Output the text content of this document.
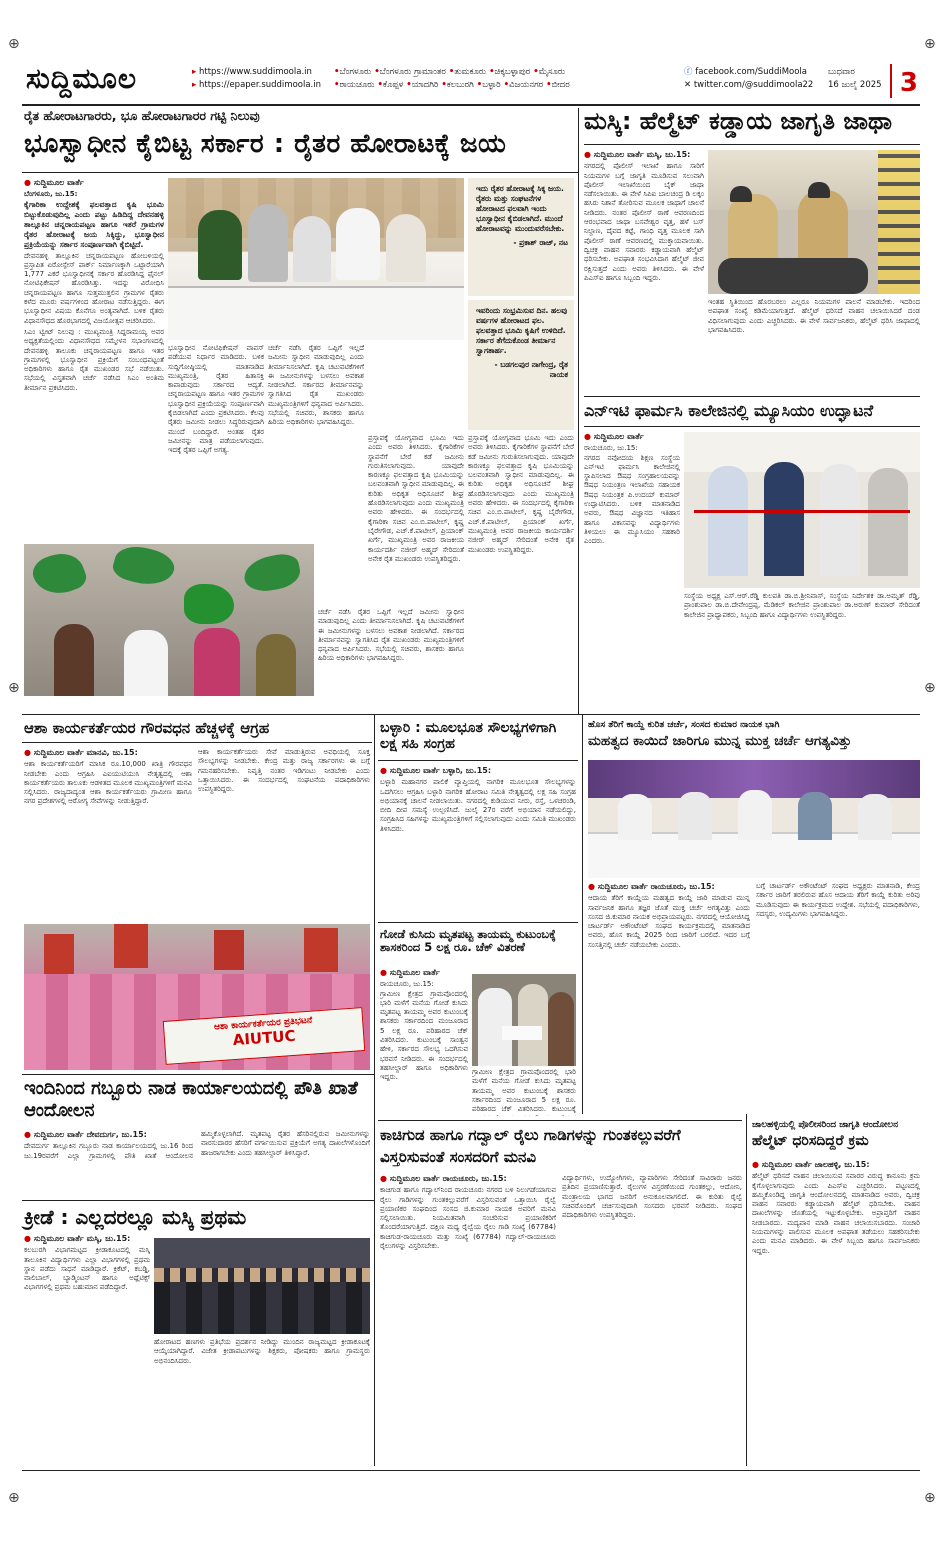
⊕	⊕
⊕	⊕
⊕	⊕
ಸುದ್ದಿಮೂಲ	▸ https://www.suddimoola.in
▸ https://epaper.suddimoola.in
•ಬೆಂಗಳೂರು •ಬೆಂಗಳೂರು ಗ್ರಾಮಾಂತರ •ತುಮಕೂರು •ಚಿಕ್ಕಬಳ್ಳಾಪುರ •ಮೈಸೂರು
•ರಾಯಚೂರು •ಕೊಪ್ಪಳ •ಯಾದಗಿರಿ •ಕಲಬುರಗಿ •ಬಳ್ಳಾರಿ •ವಿಜಯನಗರ •ಬೀದರ
ⓕ facebook.com/SuddiMoola
✕ twitter.com/@suddimoola22
ಬುಧವಾರ
16 ಜುಲೈ 2025 3
ರೈತ ಹೋರಾಟಗಾರರು, ಭೂ ಹೋರಾಟಗಾರರ ಗಟ್ಟಿ ನಿಲುವು
ಭೂಸ್ವಾಧೀನ ಕೈಬಿಟ್ಟ ಸರ್ಕಾರ : ರೈತರ ಹೋರಾಟಕ್ಕೆ ಜಯ
● ಸುದ್ದಿಮೂಲ ವಾರ್ತೆ
ಬೆಂಗಳೂರು, ಜು.15:

ಕೈಗಾರಿಕಾ ಉದ್ದೇಶಕ್ಕೆ ಫಲವತ್ತಾದ ಕೃಷಿ ಭೂಮಿ ಬಿಟ್ಟುಕೊಡುವುದಿಲ್ಲ ಎಂದು ಪಟ್ಟು ಹಿಡಿದಿದ್ದ ದೇವನಹಳ್ಳಿ ತಾಲ್ಲೂಕಿನ ಚನ್ನರಾಯಪಟ್ಟಣ ಹಾಗೂ ಇತರೆ ಗ್ರಾಮಗಳ ರೈತರ ಹೋರಾಟಕ್ಕೆ ಜಯ ಸಿಕ್ಕಿದ್ದು, ಭೂಸ್ವಾಧೀನ ಪ್ರಕ್ರಿಯೆಯನ್ನು ಸರ್ಕಾರ ಸಂಪೂರ್ಣವಾಗಿ ಕೈಬಿಟ್ಟಿದೆ.

ದೇವನಹಳ್ಳಿ ತಾಲ್ಲೂಕಿನ ಚನ್ನರಾಯಪಟ್ಟಣ ಹೋಬಳಿಯಲ್ಲಿ ಪ್ರಸ್ತಾಪಿತ ಏರೋಸ್ಪೇಸ್ ಪಾರ್ಕ್ ನಿರ್ಮಾಣಕ್ಕಾಗಿ ಒಟ್ಟಾರೆಯಾಗಿ 1,777 ಎಕರೆ ಭೂಸ್ವಾಧೀನಕ್ಕೆ ಸರ್ಕಾರ ಹೊರಡಿಸಿದ್ದ ಫೈನಲ್ ನೋಟಿಫಿಕೇಷನ್ ಹೊರಡಿಸಿತ್ತು. ಇದನ್ನು ವಿರೋಧಿಸಿ ಚನ್ನರಾಯಪಟ್ಟಣ ಹಾಗೂ ಸುತ್ತಮುತ್ತಲಿನ ಗ್ರಾಮಗಳ ರೈತರು ಕಳೆದ ಮೂರು ವರ್ಷಗಳಿಂದ ಹೋರಾಟ ನಡೆಸುತ್ತಿದ್ದರು. ಈಗ ಭೂಸ್ವಾಧೀನ ವಿಷಯ ಕೊನೆಗೂ ಅಂತ್ಯವಾಗಿದೆ. ಬಳಿಕ ರೈತರು ವಿಧಾನಸೌಧದ ಹೊರಭಾಗದಲ್ಲಿ ವಿಜಯೋತ್ಸವ ಆಚರಿಸಿದರು.

ಸಿಎಂ ಟ್ವೀಟ್ ನಿಲುವು : ಮುಖ್ಯಮಂತ್ರಿ ಸಿದ್ದರಾಮಯ್ಯ ಅವರ ಅಧ್ಯಕ್ಷತೆಯಲ್ಲಿಂದು ವಿಧಾನಸೌಧದ ಸಮ್ಮೇಳನ ಸಭಾಂಗಣದಲ್ಲಿ ದೇವನಹಳ್ಳಿ ತಾಲೂಕು ಚನ್ನರಾಯಪಟ್ಟಣ ಹಾಗೂ ಇತರ ಗ್ರಾಮಗಳಲ್ಲಿ ಭೂಸ್ವಾಧೀನ ಪ್ರಕ್ರಿಯೆಗೆ ಸಂಬಂಧಪಟ್ಟಂತೆ ಅಧಿಕಾರಿಗಳು ಹಾಗೂ ರೈತ ಮುಖಂಡರ ಸಭೆ ನಡೆಯಿತು. ಸಭೆಯಲ್ಲಿ ವಿಸ್ತೃತವಾಗಿ ಚರ್ಚೆ ನಡೆಸಿದ ಸಿಎಂ ಅಂತಿಮ ತೀರ್ಮಾನ ಪ್ರಕಟಿಸಿದರು.

ಇದು ರೈತರ ಹೋರಾಟಕ್ಕೆ ಸಿಕ್ಕ ಜಯ. ರೈತರು ಮತ್ತು ಸಂಘಟನೆಗಳ ಹೋರಾಟದ ಫಲವಾಗಿ ಇಂದು ಭೂಸ್ವಾಧೀನ ಕೈಬಿಡಲಾಗಿದೆ. ಮುಂದೆ ಹೋರಾಟವನ್ನು ಮುಂದುವರೆಸಬೇಕು.
- ಪ್ರಕಾಶ್ ರಾಜ್, ನಟ
ಇವರಿಂದು ಸಂಭ್ರಮಿಸುವ ದಿನ. ಹಲವು ವರ್ಷಗಳ ಹೋರಾಟದ ಫಲ. ಫಲವತ್ತಾದ ಭೂಮಿ ಕೃಷಿಗೆ ಉಳಿದಿದೆ. ಸರ್ಕಾರ ತೆಗೆದುಕೊಂಡ ತೀರ್ಮಾನ ಸ್ವಾಗತಾರ್ಹ.
- ಬಡಗಲಪುರ ನಾಗೇಂದ್ರ, ರೈತ ನಾಯಕ

ಭೂಸ್ವಾಧೀನ ನೋಟಿಫಿಕೇಷನ್ ವಾಪಸ್ ಪಡೆಯುವ ನಿರ್ಧಾರ ಮಾಡಿದರು. ಬಳಿಕ ಸುದ್ದಿಗೋಷ್ಠಿಯಲ್ಲಿ ಮಾತನಾಡಿದ ಮುಖ್ಯಮಂತ್ರಿ, ರೈತರ ಹಿತಾಸಕ್ತಿ ಕಾಪಾಡುವುದು ಸರ್ಕಾರದ ಆದ್ಯತೆ. ಚನ್ನರಾಯಪಟ್ಟಣ ಹಾಗೂ ಇತರ ಗ್ರಾಮಗಳ ಭೂಸ್ವಾಧೀನ ಪ್ರಕ್ರಿಯೆಯನ್ನು ಸಂಪೂರ್ಣವಾಗಿ ಕೈಬಿಡಲಾಗಿದೆ ಎಂದು ಪ್ರಕಟಿಸಿದರು. ಕೆಲವು ರೈತರು ಜಮೀನು ನೀಡಲು ಸಿದ್ಧರಿರುವುದಾಗಿ ಮುಂದೆ ಬಂದಿದ್ದಾರೆ. ಅಂತಹ ರೈತರ ಜಮೀನನ್ನು ಮಾತ್ರ ಪಡೆಯಲಾಗುವುದು. ಇದಕ್ಕೆ ರೈತರ ಒಪ್ಪಿಗೆ ಅಗತ್ಯ.

ಚರ್ಚೆ ನಡೆಸಿ ರೈತರ ಒಪ್ಪಿಗೆ ಇಲ್ಲದೆ ಜಮೀನು ಸ್ವಾಧೀನ ಮಾಡುವುದಿಲ್ಲ ಎಂದು ತೀರ್ಮಾನಿಸಲಾಗಿದೆ. ಕೃಷಿ ಚಟುವಟಿಕೆಗಳಿಗೆ ಈ ಜಮೀನುಗಳನ್ನು ಬಳಸಲು ಅವಕಾಶ ನೀಡಲಾಗಿದೆ. ಸರ್ಕಾರದ ತೀರ್ಮಾನವನ್ನು ಸ್ವಾಗತಿಸಿದ ರೈತ ಮುಖಂಡರು ಮುಖ್ಯಮಂತ್ರಿಗಳಿಗೆ ಧನ್ಯವಾದ ಅರ್ಪಿಸಿದರು. ಸಭೆಯಲ್ಲಿ ಸಚಿವರು, ಶಾಸಕರು ಹಾಗೂ ಹಿರಿಯ ಅಧಿಕಾರಿಗಳು ಭಾಗವಹಿಸಿದ್ದರು.

ಪ್ರಸ್ತಾಪಕ್ಕೆ ಯೋಗ್ಯವಾದ ಭೂಮಿ ಇದು ಎಂದು ಅವರು ತಿಳಿಸಿದರು. ಕೈಗಾರಿಕೆಗಳ ಸ್ಥಾಪನೆಗೆ ಬೇರೆ ಕಡೆ ಜಮೀನು ಗುರುತಿಸಲಾಗುವುದು. ಯಾವುದೇ ಕಾರಣಕ್ಕೂ ಫಲವತ್ತಾದ ಕೃಷಿ ಭೂಮಿಯನ್ನು ಬಲವಂತವಾಗಿ ಸ್ವಾಧೀನ ಮಾಡುವುದಿಲ್ಲ. ಈ ಕುರಿತು ಅಧಿಕೃತ ಅಧಿಸೂಚನೆ ಶೀಘ್ರ ಹೊರಡಿಸಲಾಗುವುದು ಎಂದು ಮುಖ್ಯಮಂತ್ರಿ ಅವರು ಹೇಳಿದರು. ಈ ಸಂದರ್ಭದಲ್ಲಿ ಕೈಗಾರಿಕಾ ಸಚಿವ ಎಂ.ಬಿ.ಪಾಟೀಲ್, ಕೃಷ್ಣ ಬೈರೇಗೌಡ, ಎಚ್.ಕೆ.ಪಾಟೀಲ್, ಪ್ರಿಯಾಂಕ್ ಖರ್ಗೆ, ಮುಖ್ಯಮಂತ್ರಿ ಅವರ ರಾಜಕೀಯ ಕಾರ್ಯದರ್ಶಿ ನಜೀರ್ ಅಹ್ಮದ್ ಸೇರಿದಂತೆ ಅನೇಕ ರೈತ ಮುಖಂಡರು ಉಪಸ್ಥಿತರಿದ್ದರು.

ಪ್ರಸ್ತಾಪಕ್ಕೆ ಯೋಗ್ಯವಾದ ಭೂಮಿ ಇದು ಎಂದು ಅವರು ತಿಳಿಸಿದರು. ಕೈಗಾರಿಕೆಗಳ ಸ್ಥಾಪನೆಗೆ ಬೇರೆ ಕಡೆ ಜಮೀನು ಗುರುತಿಸಲಾಗುವುದು. ಯಾವುದೇ ಕಾರಣಕ್ಕೂ ಫಲವತ್ತಾದ ಕೃಷಿ ಭೂಮಿಯನ್ನು ಬಲವಂತವಾಗಿ ಸ್ವಾಧೀನ ಮಾಡುವುದಿಲ್ಲ. ಈ ಕುರಿತು ಅಧಿಕೃತ ಅಧಿಸೂಚನೆ ಶೀಘ್ರ ಹೊರಡಿಸಲಾಗುವುದು ಎಂದು ಮುಖ್ಯಮಂತ್ರಿ ಅವರು ಹೇಳಿದರು. ಈ ಸಂದರ್ಭದಲ್ಲಿ ಕೈಗಾರಿಕಾ ಸಚಿವ ಎಂ.ಬಿ.ಪಾಟೀಲ್, ಕೃಷ್ಣ ಬೈರೇಗೌಡ, ಎಚ್.ಕೆ.ಪಾಟೀಲ್, ಪ್ರಿಯಾಂಕ್ ಖರ್ಗೆ, ಮುಖ್ಯಮಂತ್ರಿ ಅವರ ರಾಜಕೀಯ ಕಾರ್ಯದರ್ಶಿ ನಜೀರ್ ಅಹ್ಮದ್ ಸೇರಿದಂತೆ ಅನೇಕ ರೈತ ಮುಖಂಡರು ಉಪಸ್ಥಿತರಿದ್ದರು.

ಚರ್ಚೆ ನಡೆಸಿ ರೈತರ ಒಪ್ಪಿಗೆ ಇಲ್ಲದೆ ಜಮೀನು ಸ್ವಾಧೀನ ಮಾಡುವುದಿಲ್ಲ ಎಂದು ತೀರ್ಮಾನಿಸಲಾಗಿದೆ. ಕೃಷಿ ಚಟುವಟಿಕೆಗಳಿಗೆ ಈ ಜಮೀನುಗಳನ್ನು ಬಳಸಲು ಅವಕಾಶ ನೀಡಲಾಗಿದೆ. ಸರ್ಕಾರದ ತೀರ್ಮಾನವನ್ನು ಸ್ವಾಗತಿಸಿದ ರೈತ ಮುಖಂಡರು ಮುಖ್ಯಮಂತ್ರಿಗಳಿಗೆ ಧನ್ಯವಾದ ಅರ್ಪಿಸಿದರು. ಸಭೆಯಲ್ಲಿ ಸಚಿವರು, ಶಾಸಕರು ಹಾಗೂ ಹಿರಿಯ ಅಧಿಕಾರಿಗಳು ಭಾಗವಹಿಸಿದ್ದರು.

ಮಸ್ಕಿ: ಹೆಲ್ಮೆಟ್ ಕಡ್ಡಾಯ ಜಾಗೃತಿ ಜಾಥಾ
● ಸುದ್ದಿಮೂಲ ವಾರ್ತೆ ಮಸ್ಕಿ, ಜು.15:

ನಗರದಲ್ಲಿ ಪೊಲೀಸ್ ಇಲಾಖೆ ಹಾಗೂ ಸಾರಿಗೆ ನಿಯಮಗಳ ಬಗ್ಗೆ ಜಾಗೃತಿ ಮೂಡಿಸುವ ಸಲುವಾಗಿ ಪೊಲೀಸ್ ಇಲಾಖೆಯಿಂದ ಬೈಕ್ ಜಾಥಾ ನಡೆಸಲಾಯಿತು. ಈ ವೇಳೆ ಸಿಪಿಐ ಬಾಲಚಂದ್ರ ಡಿ ಲಕ್ಕಂ ಹಸಿರು ನಿಶಾನೆ ತೋರಿಸುವ ಮೂಲಕ ಜಾಥಾಗೆ ಚಾಲನೆ ನೀಡಿದರು. ನಂತರ ಪೊಲೀಸ್ ಠಾಣೆ ಆವರಣದಿಂದ ಆರಂಭವಾದ ಜಾಥಾ ಬಸವೇಶ್ವರ ವೃತ್ತ, ಹಳೆ ಬಸ್ ನಿಲ್ದಾಣ, ದೈವದ ಕಟ್ಟೆ, ಗಾಂಧಿ ವೃತ್ತ ಮೂಲಕ ಸಾಗಿ ಪೊಲೀಸ್ ಠಾಣೆ ಆವರಣದಲ್ಲಿ ಮುಕ್ತಾಯವಾಯಿತು. ದ್ವಿಚಕ್ರ ವಾಹನ ಸವಾರರು ಕಡ್ಡಾಯವಾಗಿ ಹೆಲ್ಮೆಟ್ ಧರಿಸಬೇಕು. ಅಪಘಾತ ಸಂಭವಿಸಿದಾಗ ಹೆಲ್ಮೆಟ್ ಜೀವ ರಕ್ಷಿಸುತ್ತದೆ ಎಂದು ಅವರು ತಿಳಿಸಿದರು. ಈ ವೇಳೆ ಪಿಎಸ್ಐ ಹಾಗೂ ಸಿಬ್ಬಂದಿ ಇದ್ದರು.

ಇಂತಹ ಸ್ಥಿತಿಯಿಂದ ಹೊರಬರಲು ಎಲ್ಲರೂ ನಿಯಮಗಳ ಪಾಲನೆ ಮಾಡಬೇಕು. ಇದರಿಂದ ಅಪಘಾತ ಸಂಖ್ಯೆ ಕಡಿಮೆಯಾಗುತ್ತದೆ. ಹೆಲ್ಮೆಟ್ ಧರಿಸದೆ ವಾಹನ ಚಲಾಯಿಸಿದರೆ ದಂಡ ವಿಧಿಸಲಾಗುವುದು ಎಂದು ಎಚ್ಚರಿಸಿದರು. ಈ ವೇಳೆ ಸಾರ್ವಜನಿಕರು, ಹೆಲ್ಮೆಟ್ ಧರಿಸಿ ಜಾಥಾದಲ್ಲಿ ಭಾಗವಹಿಸಿದರು.

ಎನ್ಇಟಿ ಫಾರ್ಮಸಿ ಕಾಲೇಜಿನಲ್ಲಿ ಮ್ಯೂಸಿಯಂ ಉದ್ಘಾಟನೆ
● ಸುದ್ದಿಮೂಲ ವಾರ್ತೆ
ರಾಯಚೂರು, ಜು.15:

ನಗರದ ನವೋದಯ ಶಿಕ್ಷಣ ಸಂಸ್ಥೆಯ ಎನ್ಇಟಿ ಫಾರ್ಮಸಿ ಕಾಲೇಜಿನಲ್ಲಿ ಸ್ಥಾಪಿಸಲಾದ ಔಷಧ ಸಂಗ್ರಹಾಲಯವನ್ನು ಔಷಧ ನಿಯಂತ್ರಣ ಇಲಾಖೆಯ ಸಹಾಯಕ ಔಷಧ ನಿಯಂತ್ರಕ ಪಿ.ಉದಯ್ ಕುಮಾರ್ ಉದ್ಘಾಟಿಸಿದರು. ಬಳಿಕ ಮಾತನಾಡಿದ ಅವರು, ಔಷಧ ವಿಜ್ಞಾನದ ಇತಿಹಾಸ ಹಾಗೂ ವಿಕಾಸವನ್ನು ವಿದ್ಯಾರ್ಥಿಗಳು ತಿಳಿಯಲು ಈ ಮ್ಯೂಸಿಯಂ ಸಹಕಾರಿ ಎಂದರು.

ಸಂಸ್ಥೆಯ ಅಧ್ಯಕ್ಷ ಎಸ್.ಆರ್.ರೆಡ್ಡಿ ಕುಲಪತಿ ಡಾ.ಬಿ.ಶ್ರೀನಿವಾಸ್, ಸಂಸ್ಥೆಯ ನಿರ್ದೇಶಕ ಡಾ.ಅಮೃತ್ ರೆಡ್ಡಿ, ಪ್ರಾಂಶುಪಾಲ ಡಾ.ಬಿ.ದೇವೇಂದ್ರಪ್ಪ, ಮೆಡಿಕಲ್ ಕಾಲೇಜಿನ ಪ್ರಾಂಶುಪಾಲ ಡಾ.ಅರುಣ್ ಕುಮಾರ್ ಸೇರಿದಂತೆ ಕಾಲೇಜಿನ ಪ್ರಾಧ್ಯಾಪಕರು, ಸಿಬ್ಬಂದಿ ಹಾಗೂ ವಿದ್ಯಾರ್ಥಿಗಳು ಉಪಸ್ಥಿತರಿದ್ದರು.

ಆಶಾ ಕಾರ್ಯಕರ್ತೆಯರ ಗೌರವಧನ ಹೆಚ್ಚಳಕ್ಕೆ ಆಗ್ರಹ
● ಸುದ್ದಿಮೂಲ ವಾರ್ತೆ ಮಾನವಿ, ಜು.15:

ಆಶಾ ಕಾರ್ಯಕರ್ತೆಯರಿಗೆ ಮಾಸಿಕ ರೂ.10,000 ಖಾತ್ರಿ ಗೌರವಧನ ನೀಡಬೇಕು ಎಂದು ಆಗ್ರಹಿಸಿ ಎಐಯುಟಿಯುಸಿ ನೇತೃತ್ವದಲ್ಲಿ ಆಶಾ ಕಾರ್ಯಕರ್ತೆಯರು ತಾಲೂಕು ಆಡಳಿತದ ಮೂಲಕ ಮುಖ್ಯಮಂತ್ರಿಗಳಿಗೆ ಮನವಿ ಸಲ್ಲಿಸಿದರು. ರಾಜ್ಯದಾದ್ಯಂತ ಆಶಾ ಕಾರ್ಯಕರ್ತೆಯರು ಗ್ರಾಮೀಣ ಹಾಗೂ ನಗರ ಪ್ರದೇಶಗಳಲ್ಲಿ ಆರೋಗ್ಯ ಸೇವೆಗಳನ್ನು ನೀಡುತ್ತಿದ್ದಾರೆ.

ಆಶಾ ಕಾರ್ಯಕರ್ತೆಯರು ಸೇವೆ ಮಾಡುತ್ತಿರುವ ಅವಧಿಯಲ್ಲಿ ಸೂಕ್ತ ಸೌಲಭ್ಯಗಳನ್ನು ನೀಡಬೇಕು. ಕೇಂದ್ರ ಮತ್ತು ರಾಜ್ಯ ಸರ್ಕಾರಗಳು ಈ ಬಗ್ಗೆ ಗಮನಹರಿಸಬೇಕು. ನಿವೃತ್ತಿ ನಂತರ ಇಡಿಗಂಟು ನೀಡಬೇಕು ಎಂದು ಒತ್ತಾಯಿಸಿದರು. ಈ ಸಂದರ್ಭದಲ್ಲಿ ಸಂಘಟನೆಯ ಪದಾಧಿಕಾರಿಗಳು ಉಪಸ್ಥಿತರಿದ್ದರು.

ಆಶಾ ಕಾರ್ಯಕರ್ತೆಯರ ಪ್ರತಿಭಟನೆ
AIUTUC
ಬಳ್ಳಾರಿ : ಮೂಲಭೂತ ಸೌಲಭ್ಯಗಳಿಗಾಗಿ ಲಕ್ಷ ಸಹಿ ಸಂಗ್ರಹ
● ಸುದ್ದಿಮೂಲ ವಾರ್ತೆ ಬಳ್ಳಾರಿ, ಜು.15:

ಬಳ್ಳಾರಿ ಮಹಾನಗರ ಪಾಲಿಕೆ ವ್ಯಾಪ್ತಿಯಲ್ಲಿ ನಾಗರಿಕ ಮೂಲಭೂತ ಸೌಲಭ್ಯಗಳನ್ನು ಒದಗಿಸಲು ಆಗ್ರಹಿಸಿ ಬಳ್ಳಾರಿ ನಾಗರಿಕ ಹೋರಾಟ ಸಮಿತಿ ನೇತೃತ್ವದಲ್ಲಿ ಲಕ್ಷ ಸಹಿ ಸಂಗ್ರಹ ಅಭಿಯಾನಕ್ಕೆ ಚಾಲನೆ ನೀಡಲಾಯಿತು. ನಗರದಲ್ಲಿ ಕುಡಿಯುವ ನೀರು, ರಸ್ತೆ, ಒಳಚರಂಡಿ, ಬೀದಿ ದೀಪ ಸಮಸ್ಯೆ ಉಲ್ಬಣಿಸಿದೆ. ಜುಲೈ 27ರ ವರೆಗೆ ಅಭಿಯಾನ ನಡೆಯಲಿದ್ದು, ಸಂಗ್ರಹಿಸಿದ ಸಹಿಗಳನ್ನು ಮುಖ್ಯಮಂತ್ರಿಗಳಿಗೆ ಸಲ್ಲಿಸಲಾಗುವುದು ಎಂದು ಸಮಿತಿ ಮುಖಂಡರು ತಿಳಿಸಿದರು.

ಗೋಡೆ ಕುಸಿದು ಮೃತಪಟ್ಟ ತಾಯಮ್ಮ ಕುಟುಂಬಕ್ಕೆ ಶಾಸಕರಿಂದ 5 ಲಕ್ಷ ರೂ. ಚೆಕ್ ವಿತರಣೆ
● ಸುದ್ದಿಮೂಲ ವಾರ್ತೆ
ರಾಯಚೂರು, ಜು.15:

ಗ್ರಾಮೀಣ ಕ್ಷೇತ್ರದ ಗ್ರಾಮವೊಂದರಲ್ಲಿ ಭಾರಿ ಮಳೆಗೆ ಮನೆಯ ಗೋಡೆ ಕುಸಿದು ಮೃತಪಟ್ಟ ತಾಯಮ್ಮ ಅವರ ಕುಟುಂಬಕ್ಕೆ ಶಾಸಕರು ಸರ್ಕಾರದಿಂದ ಮಂಜೂರಾದ 5 ಲಕ್ಷ ರೂ. ಪರಿಹಾರದ ಚೆಕ್ ವಿತರಿಸಿದರು. ಕುಟುಂಬಕ್ಕೆ ಸಾಂತ್ವನ ಹೇಳಿ, ಸರ್ಕಾರದ ಸೌಲಭ್ಯ ಒದಗಿಸುವ ಭರವಸೆ ನೀಡಿದರು. ಈ ಸಂದರ್ಭದಲ್ಲಿ ತಹಸೀಲ್ದಾರ್ ಹಾಗೂ ಅಧಿಕಾರಿಗಳು ಇದ್ದರು.

ಗ್ರಾಮೀಣ ಕ್ಷೇತ್ರದ ಗ್ರಾಮವೊಂದರಲ್ಲಿ ಭಾರಿ ಮಳೆಗೆ ಮನೆಯ ಗೋಡೆ ಕುಸಿದು ಮೃತಪಟ್ಟ ತಾಯಮ್ಮ ಅವರ ಕುಟುಂಬಕ್ಕೆ ಶಾಸಕರು ಸರ್ಕಾರದಿಂದ ಮಂಜೂರಾದ 5 ಲಕ್ಷ ರೂ. ಪರಿಹಾರದ ಚೆಕ್ ವಿತರಿಸಿದರು. ಕುಟುಂಬಕ್ಕೆ

ಹೊಸ ತೆರಿಗೆ ಕಾಯ್ದೆ ಕುರಿತ ಚರ್ಚೆ, ಸಂಸದ ಕುಮಾರ ನಾಯಕ ಭಾಗಿ
ಮಹತ್ವದ ಕಾಯಿದೆ ಜಾರಿಗೂ ಮುನ್ನ ಮುಕ್ತ ಚರ್ಚೆ ಆಗತ್ಯವಿತ್ತು
● ಸುದ್ದಿಮೂಲ ವಾರ್ತೆ ರಾಯಚೂರು, ಜು.15:

ಆದಾಯ ತೆರಿಗೆ ಕಾಯ್ದೆಯ ಮಹತ್ವದ ಕಾಯ್ದೆ ಜಾರಿ ಮಾಡುವ ಮುನ್ನ ಸಾರ್ವಜನಿಕ ಹಾಗೂ ತಜ್ಞರ ಜೊತೆ ಮುಕ್ತ ಚರ್ಚೆ ಅಗತ್ಯವಿತ್ತು ಎಂದು ಸಂಸದ ಜಿ.ಕುಮಾರ ನಾಯಕ ಅಭಿಪ್ರಾಯಪಟ್ಟರು. ನಗರದಲ್ಲಿ ಆಯೋಜಿಸಿದ್ದ ಚಾರ್ಟರ್ಡ್ ಅಕೌಂಟೆಂಟ್ ಸಂಘದ ಕಾರ್ಯಕ್ರಮದಲ್ಲಿ ಮಾತನಾಡಿದ ಅವರು, ಹೊಸ ಕಾಯ್ದೆ 2025 ರಿಂದ ಜಾರಿಗೆ ಬರಲಿದೆ. ಇದರ ಬಗ್ಗೆ ಸಂಸತ್ತಿನಲ್ಲಿ ಚರ್ಚೆ ನಡೆಯಬೇಕು ಎಂದರು.

ಬಗ್ಗೆ ಚಾರ್ಟರ್ಡ್ ಅಕೌಂಟೆಂಟ್ ಸಂಘದ ಅಧ್ಯಕ್ಷರು ಮಾತನಾಡಿ, ಕೇಂದ್ರ ಸರ್ಕಾರ ಜಾರಿಗೆ ತರಲಿರುವ ಹೊಸ ಆದಾಯ ತೆರಿಗೆ ಕಾಯ್ದೆ ಕುರಿತು ಅರಿವು ಮೂಡಿಸುವುದು ಈ ಕಾರ್ಯಕ್ರಮದ ಉದ್ದೇಶ. ಸಭೆಯಲ್ಲಿ ಪದಾಧಿಕಾರಿಗಳು, ಸದಸ್ಯರು, ಉದ್ಯಮಿಗಳು ಭಾಗವಹಿಸಿದ್ದರು.

ಇಂದಿನಿಂದ ಗಬ್ಬೂರು ನಾಡ ಕಾರ್ಯಾಲಯದಲ್ಲಿ ಪೌತಿ ಖಾತೆ ಆಂದೋಲನ
● ಸುದ್ದಿಮೂಲ ವಾರ್ತೆ ದೇವದುರ್ಗ, ಜು.15:

ದೇವದುರ್ಗ ತಾಲ್ಲೂಕಿನ ಗಬ್ಬೂರು ನಾಡ ಕಾರ್ಯಾಲಯದಲ್ಲಿ ಜು.16 ರಿಂದ ಜು.19ರವರೆಗೆ ಎಲ್ಲಾ ಗ್ರಾಮಗಳಲ್ಲಿ ಪೌತಿ ಖಾತೆ ಆಂದೋಲನ ಹಮ್ಮಿಕೊಳ್ಳಲಾಗಿದೆ. ಮೃತಪಟ್ಟ ರೈತರ ಹೆಸರಿನಲ್ಲಿರುವ ಜಮೀನುಗಳನ್ನು ವಾರಸುದಾರರ ಹೆಸರಿಗೆ ವರ್ಗಾಯಿಸುವ ಪ್ರಕ್ರಿಯೆಗೆ ಅಗತ್ಯ ದಾಖಲೆಗಳೊಂದಿಗೆ ಹಾಜರಾಗಬೇಕು ಎಂದು ತಹಸೀಲ್ದಾರ್ ತಿಳಿಸಿದ್ದಾರೆ.

ಕ್ರೀಡೆ : ಎಲ್ಲದರಲ್ಲೂ ಮಸ್ಕಿ ಪ್ರಥಮ
● ಸುದ್ದಿಮೂಲ ವಾರ್ತೆ ಮಸ್ಕಿ, ಜು.15:

ಕಲಬುರಗಿ ವಿಭಾಗಮಟ್ಟದ ಕ್ರೀಡಾಕೂಟದಲ್ಲಿ ಮಸ್ಕಿ ತಾಲೂಕಿನ ವಿದ್ಯಾರ್ಥಿಗಳು ಎಲ್ಲಾ ವಿಭಾಗಗಳಲ್ಲಿ ಪ್ರಥಮ ಸ್ಥಾನ ಪಡೆದು ಸಾಧನೆ ಮಾಡಿದ್ದಾರೆ. ಕ್ರಿಕೆಟ್, ಕಬಡ್ಡಿ, ವಾಲಿಬಾಲ್, ಬ್ಯಾಡ್ಮಿಂಟನ್ ಹಾಗೂ ಅಥ್ಲೆಟಿಕ್ಸ್ ವಿಭಾಗಗಳಲ್ಲಿ ಪ್ರಥಮ ಬಹುಮಾನ ಪಡೆದಿದ್ದಾರೆ.

ಹೋರಾಟದ ಹಣಗಳು ಪ್ರತಿಭೆಯ ಪ್ರದರ್ಶನ ನೀಡಿದ್ದು ಮುಂದಿನ ರಾಜ್ಯಮಟ್ಟದ ಕ್ರೀಡಾಕೂಟಕ್ಕೆ ಆಯ್ಕೆಯಾಗಿದ್ದಾರೆ. ವಿಜೇತ ಕ್ರೀಡಾಪಟುಗಳನ್ನು ಶಿಕ್ಷಕರು, ಪೋಷಕರು ಹಾಗೂ ಗ್ರಾಮಸ್ಥರು ಅಭಿನಂದಿಸಿದರು.

ಕಾಚಿಗುಡ ಹಾಗೂ ಗದ್ವಾಲ್ ರೈಲು ಗಾಡಿಗಳನ್ನು ಗುಂತಕಲ್ಲುವರೆಗೆ ವಿಸ್ತರಿಸುವಂತೆ ಸಂಸದರಿಗೆ ಮನವಿ
● ಸುದ್ದಿಮೂಲ ವಾರ್ತೆ ರಾಯಚೂರು, ಜು.15:

ಕಾಚಿಗುಡ ಹಾಗೂ ಗದ್ವಾಲ್‌ನಿಂದ ರಾಯಚೂರು ನಗರದ ಬಳಿ ನಿಲುಗಡೆಯಾಗುವ ರೈಲು ಗಾಡಿಗಳನ್ನು ಗುಂತಕಲ್ಲುವರೆಗೆ ವಿಸ್ತರಿಸುವಂತೆ ಒತ್ತಾಯಿಸಿ ರೈಲ್ವೆ ಪ್ರಯಾಣಿಕರ ಸಂಘದಿಂದ ಸಂಸದ ಜಿ.ಕುಮಾರ ನಾಯಕ ಅವರಿಗೆ ಮನವಿ ಸಲ್ಲಿಸಲಾಯಿತು. ನಿಯಮಿತವಾಗಿ ಸಂಚರಿಸುವ ಪ್ರಯಾಣಿಕರಿಗೆ ತೊಂದರೆಯಾಗುತ್ತಿದೆ. ದಕ್ಷಿಣ ಮಧ್ಯ ರೈಲ್ವೆಯ ರೈಲು ಗಾಡಿ ಸಂಖ್ಯೆ (67784) ಕಾಚಿಗುಡ-ರಾಯಚೂರು ಮತ್ತು ಸಂಖ್ಯೆ (67784) ಗದ್ವಾಲ್-ರಾಯಚೂರು ರೈಲುಗಳನ್ನು ವಿಸ್ತರಿಸಬೇಕು.

ವಿದ್ಯಾರ್ಥಿಗಳು, ಉದ್ಯೋಗಿಗಳು, ವ್ಯಾಪಾರಿಗಳು ಸೇರಿದಂತೆ ಸಾವಿರಾರು ಜನರು ಪ್ರತಿದಿನ ಪ್ರಯಾಣಿಸುತ್ತಾರೆ. ರೈಲುಗಳ ವಿಸ್ತರಣೆಯಿಂದ ಗುಂತಕಲ್ಲು, ಆದೋನಿ, ಮಂತ್ರಾಲಯ ಭಾಗದ ಜನರಿಗೆ ಅನುಕೂಲವಾಗಲಿದೆ. ಈ ಕುರಿತು ರೈಲ್ವೆ ಸಚಿವರೊಂದಿಗೆ ಚರ್ಚಿಸುವುದಾಗಿ ಸಂಸದರು ಭರವಸೆ ನೀಡಿದರು. ಸಂಘದ ಪದಾಧಿಕಾರಿಗಳು ಉಪಸ್ಥಿತರಿದ್ದರು.

ಜಾಲಹಳ್ಳಿಯಲ್ಲಿ ಪೊಲೀಸರಿಂದ ಜಾಗೃತಿ ಆಂದೋಲನ
ಹೆಲ್ಮೆಟ್ ಧರಿಸದಿದ್ದರೆ ಕ್ರಮ
● ಸುದ್ದಿಮೂಲ ವಾರ್ತೆ ಜಾಲಹಳ್ಳಿ, ಜು.15:

ಹೆಲ್ಮೆಟ್ ಧರಿಸದೆ ವಾಹನ ಚಲಾಯಿಸುವ ಸವಾರರ ವಿರುದ್ಧ ಕಾನೂನು ಕ್ರಮ ಕೈಗೊಳ್ಳಲಾಗುವುದು ಎಂದು ಪಿಎಸ್ಐ ಎಚ್ಚರಿಸಿದರು. ಪಟ್ಟಣದಲ್ಲಿ ಹಮ್ಮಿಕೊಂಡಿದ್ದ ಜಾಗೃತಿ ಆಂದೋಲನದಲ್ಲಿ ಮಾತನಾಡಿದ ಅವರು, ದ್ವಿಚಕ್ರ ವಾಹನ ಸವಾರರು ಕಡ್ಡಾಯವಾಗಿ ಹೆಲ್ಮೆಟ್ ಧರಿಸಬೇಕು. ವಾಹನ ದಾಖಲೆಗಳನ್ನು ಜೊತೆಯಲ್ಲಿ ಇಟ್ಟುಕೊಳ್ಳಬೇಕು. ಅಪ್ರಾಪ್ತರಿಗೆ ವಾಹನ ನೀಡಬಾರದು. ಮದ್ಯಪಾನ ಮಾಡಿ ವಾಹನ ಚಲಾಯಿಸಬಾರದು. ಸಂಚಾರಿ ನಿಯಮಗಳನ್ನು ಪಾಲಿಸುವ ಮೂಲಕ ಅಪಘಾತ ತಡೆಯಲು ಸಹಕರಿಸಬೇಕು ಎಂದು ಮನವಿ ಮಾಡಿದರು. ಈ ವೇಳೆ ಸಿಬ್ಬಂದಿ ಹಾಗೂ ಸಾರ್ವಜನಿಕರು ಇದ್ದರು.
